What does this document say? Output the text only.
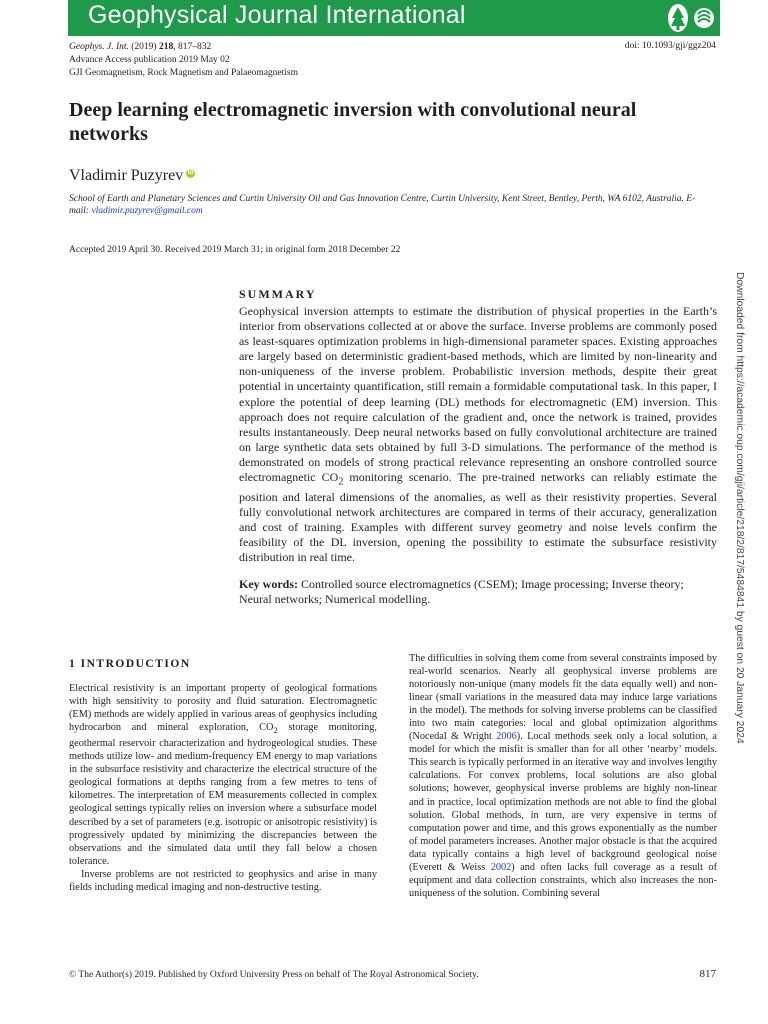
Geophysical Journal International
Geophys. J. Int. (2019) 218, 817–832
Advance Access publication 2019 May 02
GJI Geomagnetism, Rock Magnetism and Palaeomagnetism
doi: 10.1093/gji/ggz204
Deep learning electromagnetic inversion with convolutional neural networks
Vladimir Puzyrev iD
School of Earth and Planetary Sciences and Curtin University Oil and Gas Innovation Centre, Curtin University, Kent Street, Bentley, Perth, WA 6102, Australia. E-mail: vladimir.puzyrev@gmail.com
Accepted 2019 April 30. Received 2019 March 31; in original form 2018 December 22
SUMMARY
Geophysical inversion attempts to estimate the distribution of physical properties in the Earth’s interior from observations collected at or above the surface. Inverse problems are commonly posed as least-squares optimization problems in high-dimensional parameter spaces. Existing approaches are largely based on deterministic gradient-based methods, which are limited by non-linearity and non-uniqueness of the inverse problem. Probabilistic inversion methods, despite their great potential in uncertainty quantification, still remain a formidable computational task. In this paper, I explore the potential of deep learning (DL) methods for electromagnetic (EM) inversion. This approach does not require calculation of the gradient and, once the network is trained, provides results instantaneously. Deep neural networks based on fully convolutional architecture are trained on large synthetic data sets obtained by full 3-D simulations. The performance of the method is demonstrated on models of strong practical relevance representing an onshore controlled source electromagnetic $CO_2$ monitoring scenario. The pre-trained networks can reliably estimate the position and lateral dimensions of the anomalies, as well as their resistivity properties. Several fully convolutional network architectures are compared in terms of their accuracy, generalization and cost of training. Examples with different survey geometry and noise levels confirm the feasibility of the DL inversion, opening the possibility to estimate the subsurface resistivity distribution in real time.
Key words: Controlled source electromagnetics (CSEM); Image processing; Inverse theory; Neural networks; Numerical modelling.
1 INTRODUCTION

Electrical resistivity is an important property of geological formations with high sensitivity to porosity and fluid saturation. Electromagnetic (EM) methods are widely applied in various areas of geophysics including hydrocarbon and mineral exploration, $CO_2$ storage monitoring, geothermal reservoir characterization and hydrogeological studies. These methods utilize low- and medium-frequency EM energy to map variations in the subsurface resistivity and characterize the electrical structure of the geological formations at depths ranging from a few metres to tens of kilometres. The interpretation of EM measurements collected in complex geological settings typically relies on inversion where a subsurface model described by a set of parameters (e.g. isotropic or anisotropic resistivity) is progressively updated by minimizing the discrepancies between the observations and the simulated data until they fall below a chosen tolerance.

Inverse problems are not restricted to geophysics and arise in many fields including medical imaging and non-destructive testing.

The difficulties in solving them come from several constraints imposed by real-world scenarios. Nearly all geophysical inverse problems are notoriously non-unique (many models fit the data equally well) and non-linear (small variations in the measured data may induce large variations in the model). The methods for solving inverse problems can be classified into two main categories: local and global optimization algorithms (Nocedal & Wright 2006). Local methods seek only a local solution, a model for which the misfit is smaller than for all other ‘nearby’ models. This search is typically performed in an iterative way and involves lengthy calculations. For convex problems, local solutions are also global solutions; however, geophysical inverse problems are highly non-linear and in practice, local optimization methods are not able to find the global solution. Global methods, in turn, are very expensive in terms of computation power and time, and this grows exponentially as the number of model parameters increases. Another major obstacle is that the acquired data typically contains a high level of background geological noise (Everett & Weiss 2002) and often lacks full coverage as a result of equipment and data collection constraints, which also increases the non-uniqueness of the solution. Combining several

© The Author(s) 2019. Published by Oxford University Press on behalf of The Royal Astronomical Society.	817
Downloaded from https://academic.oup.com/gji/article/218/2/817/5484841 by guest on 20 January 2024
